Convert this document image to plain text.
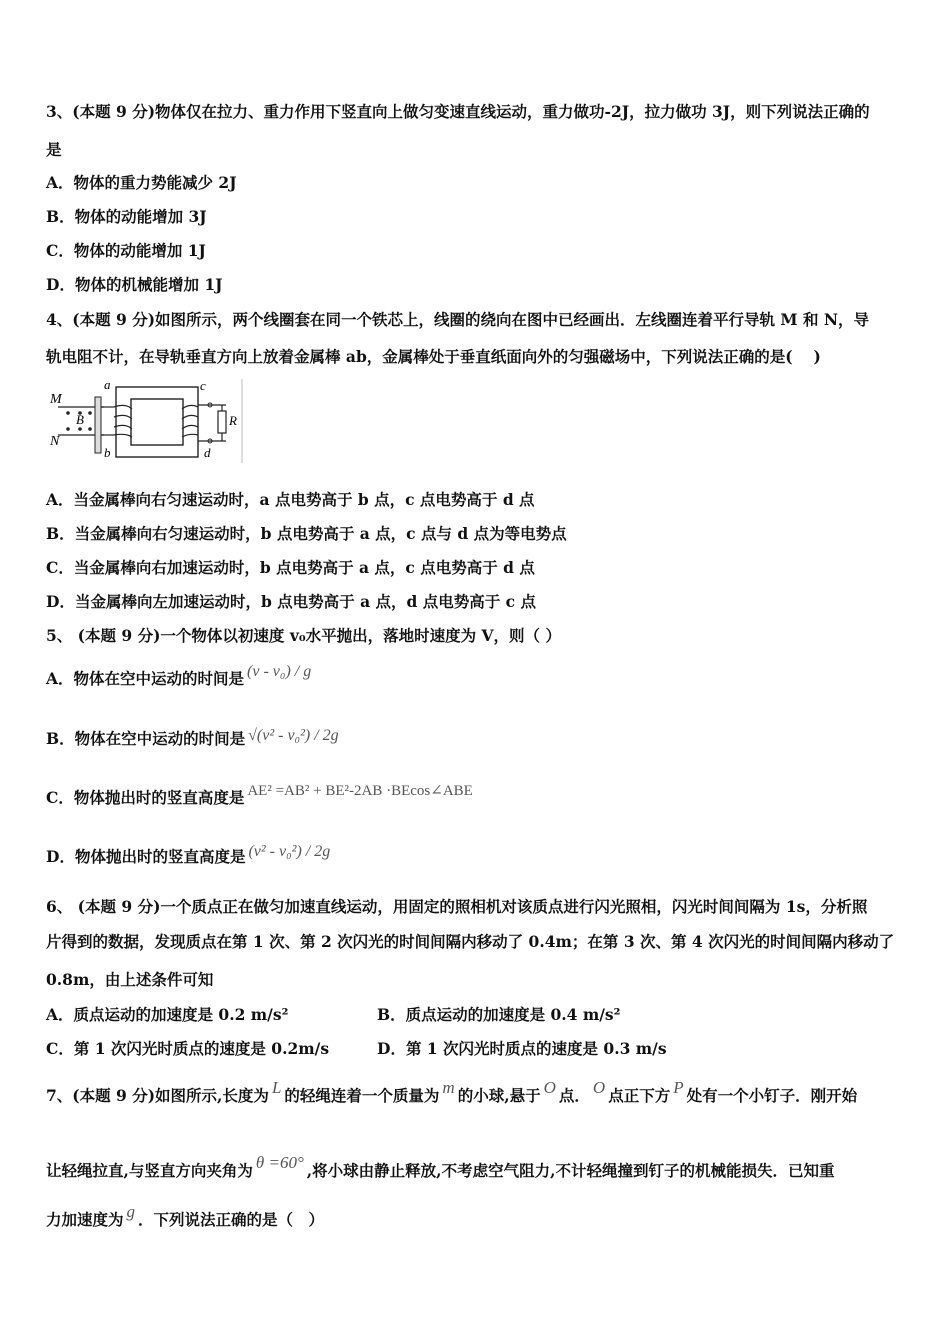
3、(本题 9 分)物体仅在拉力、重力作用下竖直向上做匀变速直线运动，重力做功-2J，拉力做功 3J，则下列说法正确的
是
A．物体的重力势能减少 2J
B．物体的动能增加 3J
C．物体的动能增加 1J
D．物体的机械能增加 1J
4、(本题 9 分)如图所示，两个线圈套在同一个铁芯上，线圈的绕向在图中已经画出．左线圈连着平行导轨 M 和 N，导
轨电阻不计，在导轨垂直方向上放着金属棒 ab，金属棒处于垂直纸面向外的匀强磁场中，下列说法正确的是(　 )
M
N
B
a
b
c
d
R
A．当金属棒向右匀速运动时，a 点电势高于 b 点，c 点电势高于 d 点
B．当金属棒向右匀速运动时，b 点电势高于 a 点，c 点与 d 点为等电势点
C．当金属棒向右加速运动时，b 点电势高于 a 点，c 点电势高于 d 点
D．当金属棒向左加速运动时，b 点电势高于 a 点，d 点电势高于 c 点
5、 (本题 9 分)一个物体以初速度 v₀水平抛出，落地时速度为 V，则（ ）
A．物体在空中运动的时间是 (v - v₀) / g
B．物体在空中运动的时间是 √(v² - v₀²) / 2g
C．物体抛出时的竖直高度是 AE² =AB² + BE²-2AB ·BEcos∠ABE
D．物体抛出时的竖直高度是 (v² - v₀²) / 2g
6、 (本题 9 分)一个质点正在做匀加速直线运动，用固定的照相机对该质点进行闪光照相，闪光时间间隔为 1s，分析照
片得到的数据，发现质点在第 1 次、第 2 次闪光的时间间隔内移动了 0.4m；在第 3 次、第 4 次闪光的时间间隔内移动了
0.8m，由上述条件可知
A．质点运动的加速度是 0.2 m/s²	B．质点运动的加速度是 0.4 m/s²
C．第 1 次闪光时质点的速度是 0.2m/s	D．第 1 次闪光时质点的速度是 0.3 m/s
7、(本题 9 分)如图所示,长度为 L 的轻绳连着一个质量为 m 的小球,悬于 O 点． O 点正下方 P 处有一个小钉子．刚开始
让轻绳拉直,与竖直方向夹角为 θ =60° ,将小球由静止释放,不考虑空气阻力,不计轻绳撞到钉子的机械能损失．已知重
力加速度为 g ．下列说法正确的是（　）
